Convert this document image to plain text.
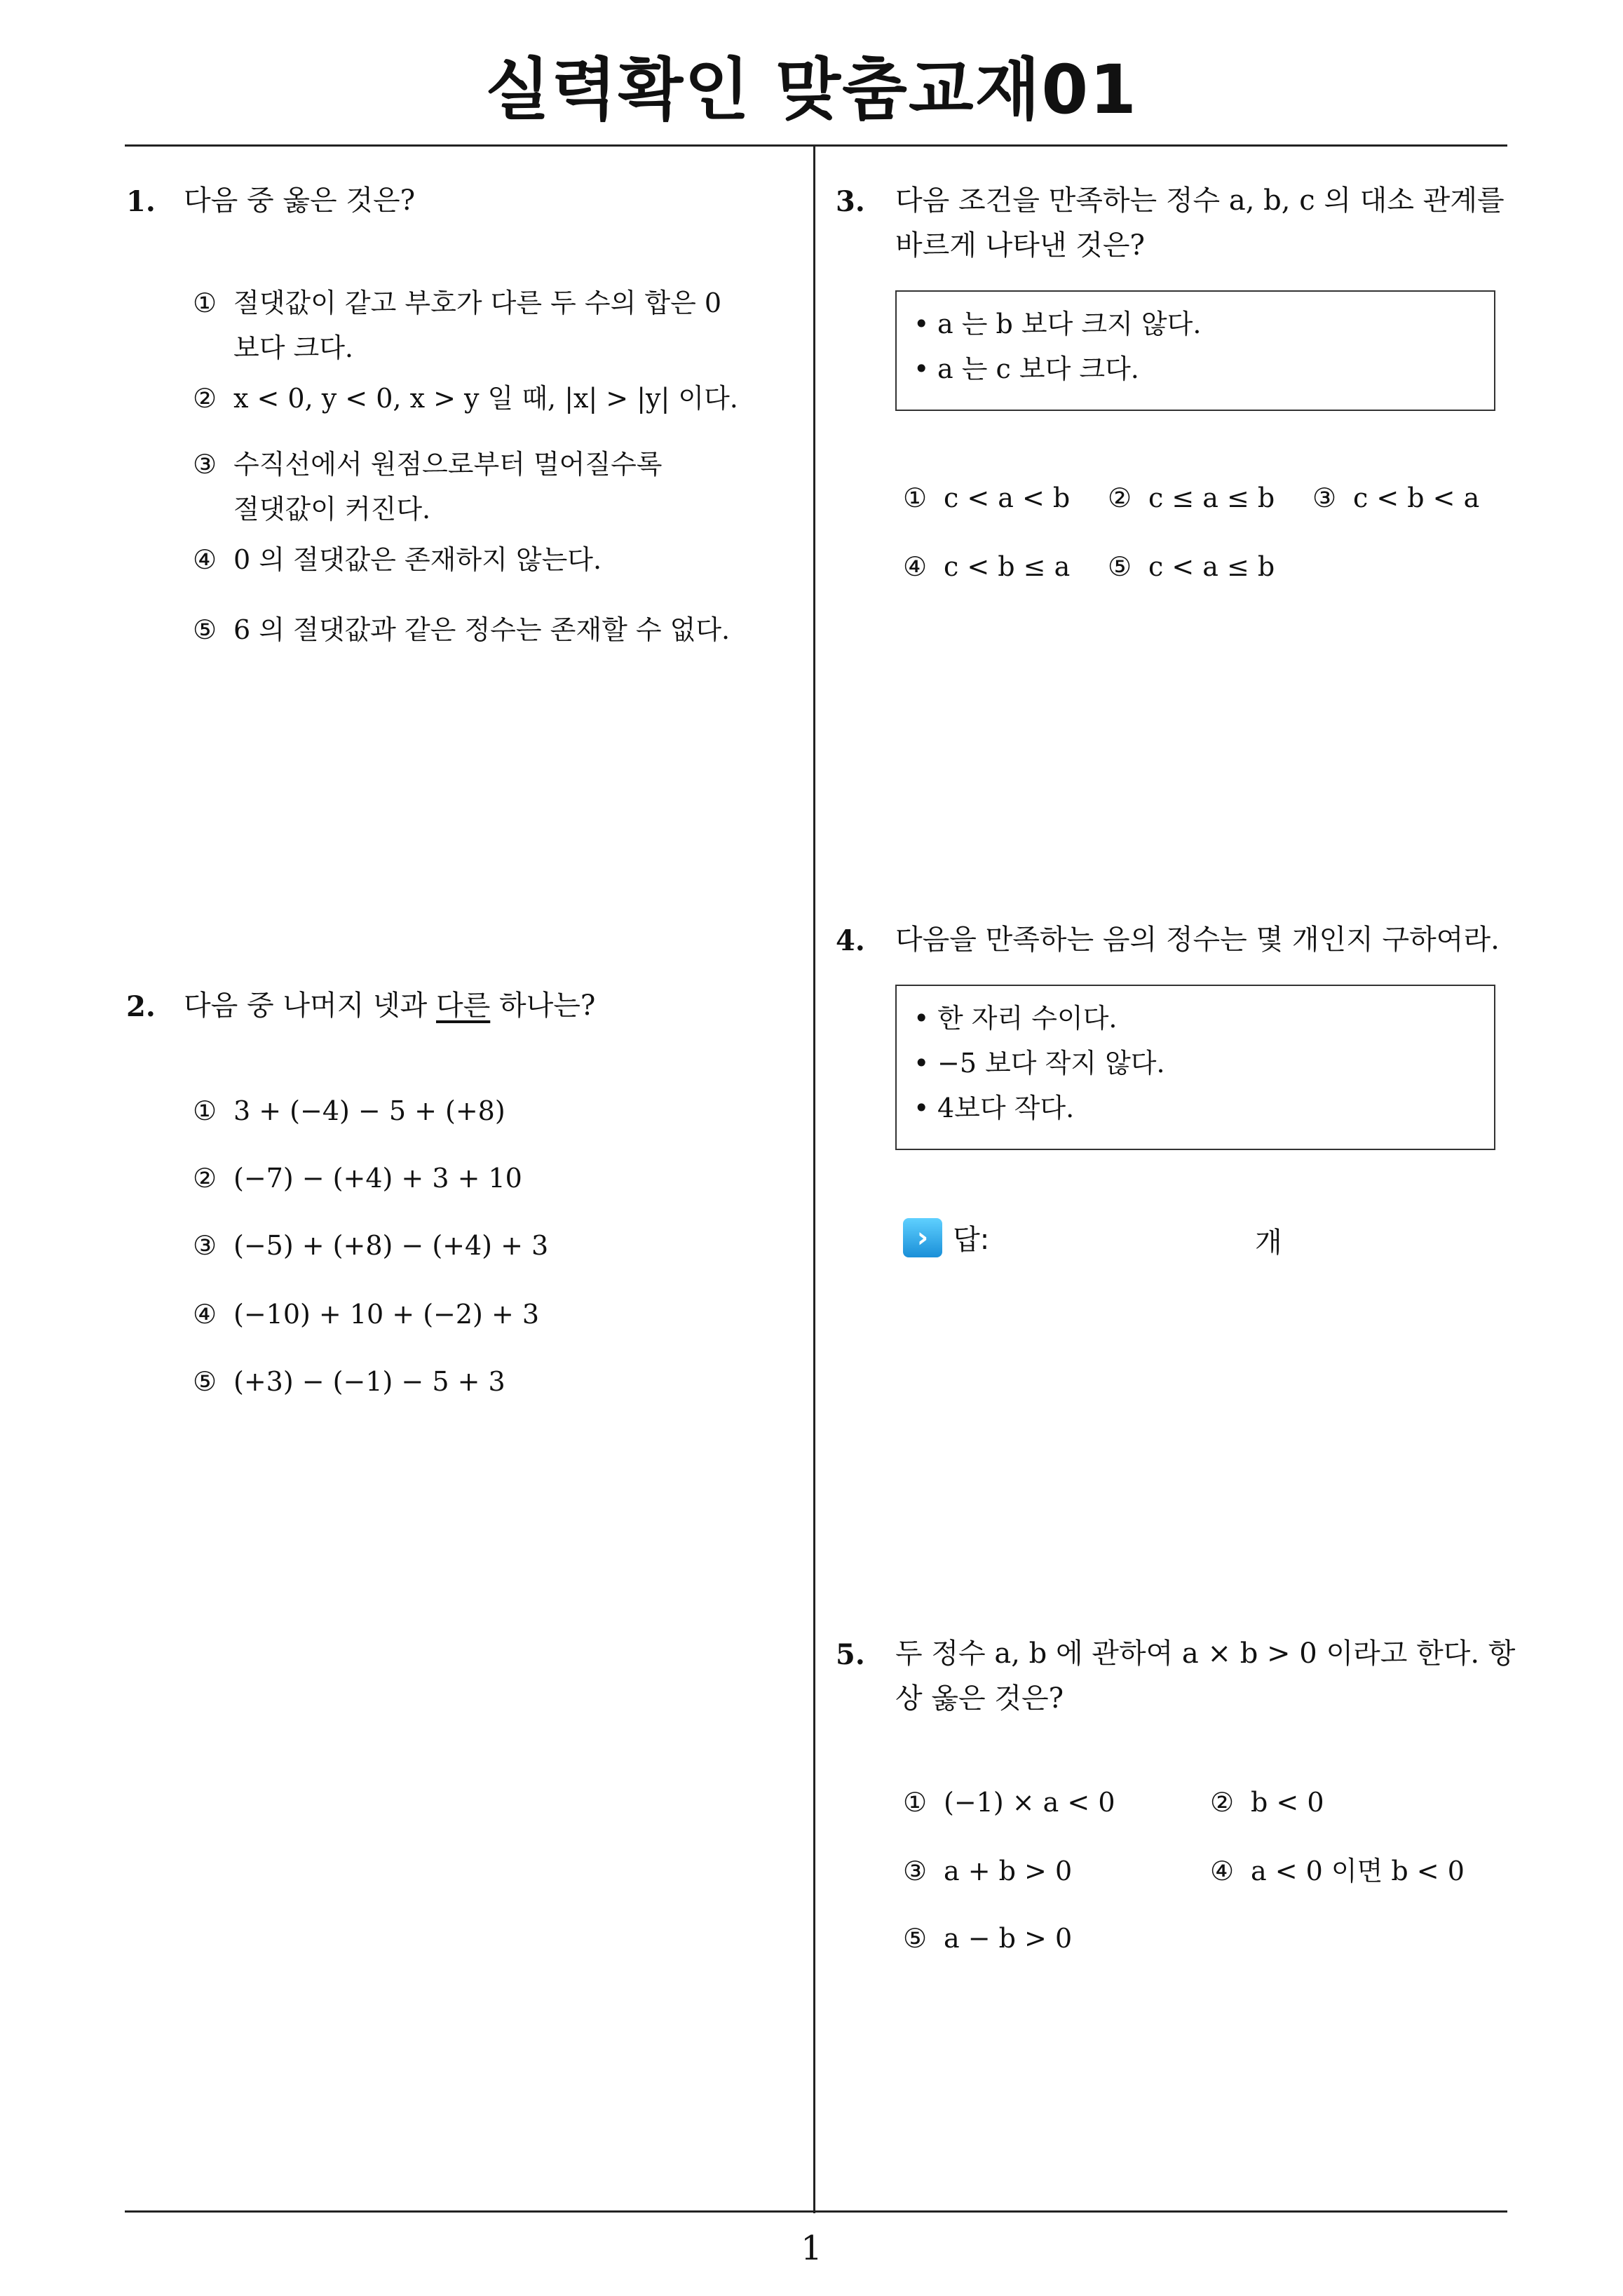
실력확인 맞춤교재01
1
1. 다음 중 옳은 것은?
① 절댓값이 같고 부호가 다른 두 수의 합은 0 보다 크다.
② x < 0, y < 0, x > y 일 때, |x| > |y| 이다.
③ 수직선에서 원점으로부터 멀어질수록 절댓값이 커진다.
④ 0 의 절댓값은 존재하지 않는다.
⑤ 6 의 절댓값과 같은 정수는 존재할 수 없다.
2. 다음 중 나머지 넷과 다른 하나는?
① 3 + (−4) − 5 + (+8)
② (−7) − (+4) + 3 + 10
③ (−5) + (+8) − (+4) + 3
④ (−10) + 10 + (−2) + 3
⑤ (+3) − (−1) − 5 + 3
3. 다음 조건을 만족하는 정수 a, b, c 의 대소 관계를 바르게 나타낸 것은?
• a 는 b 보다 크지 않다.
• a 는 c 보다 크다.
① c < a < b ② c ≤ a ≤ b ③ c < b < a
④ c < b ≤ a ⑤ c < a ≤ b
4. 다음을 만족하는 음의 정수는 몇 개인지 구하여라.
• 한 자리 수이다.
• −5 보다 작지 않다.
• 4보다 작다.
› 답:	개
5. 두 정수 a, b 에 관하여 a × b > 0 이라고 한다. 항상 옳은 것은?
① (−1) × a < 0	② b < 0
③ a + b > 0	④ a < 0 이면 b < 0
⑤ a − b > 0
